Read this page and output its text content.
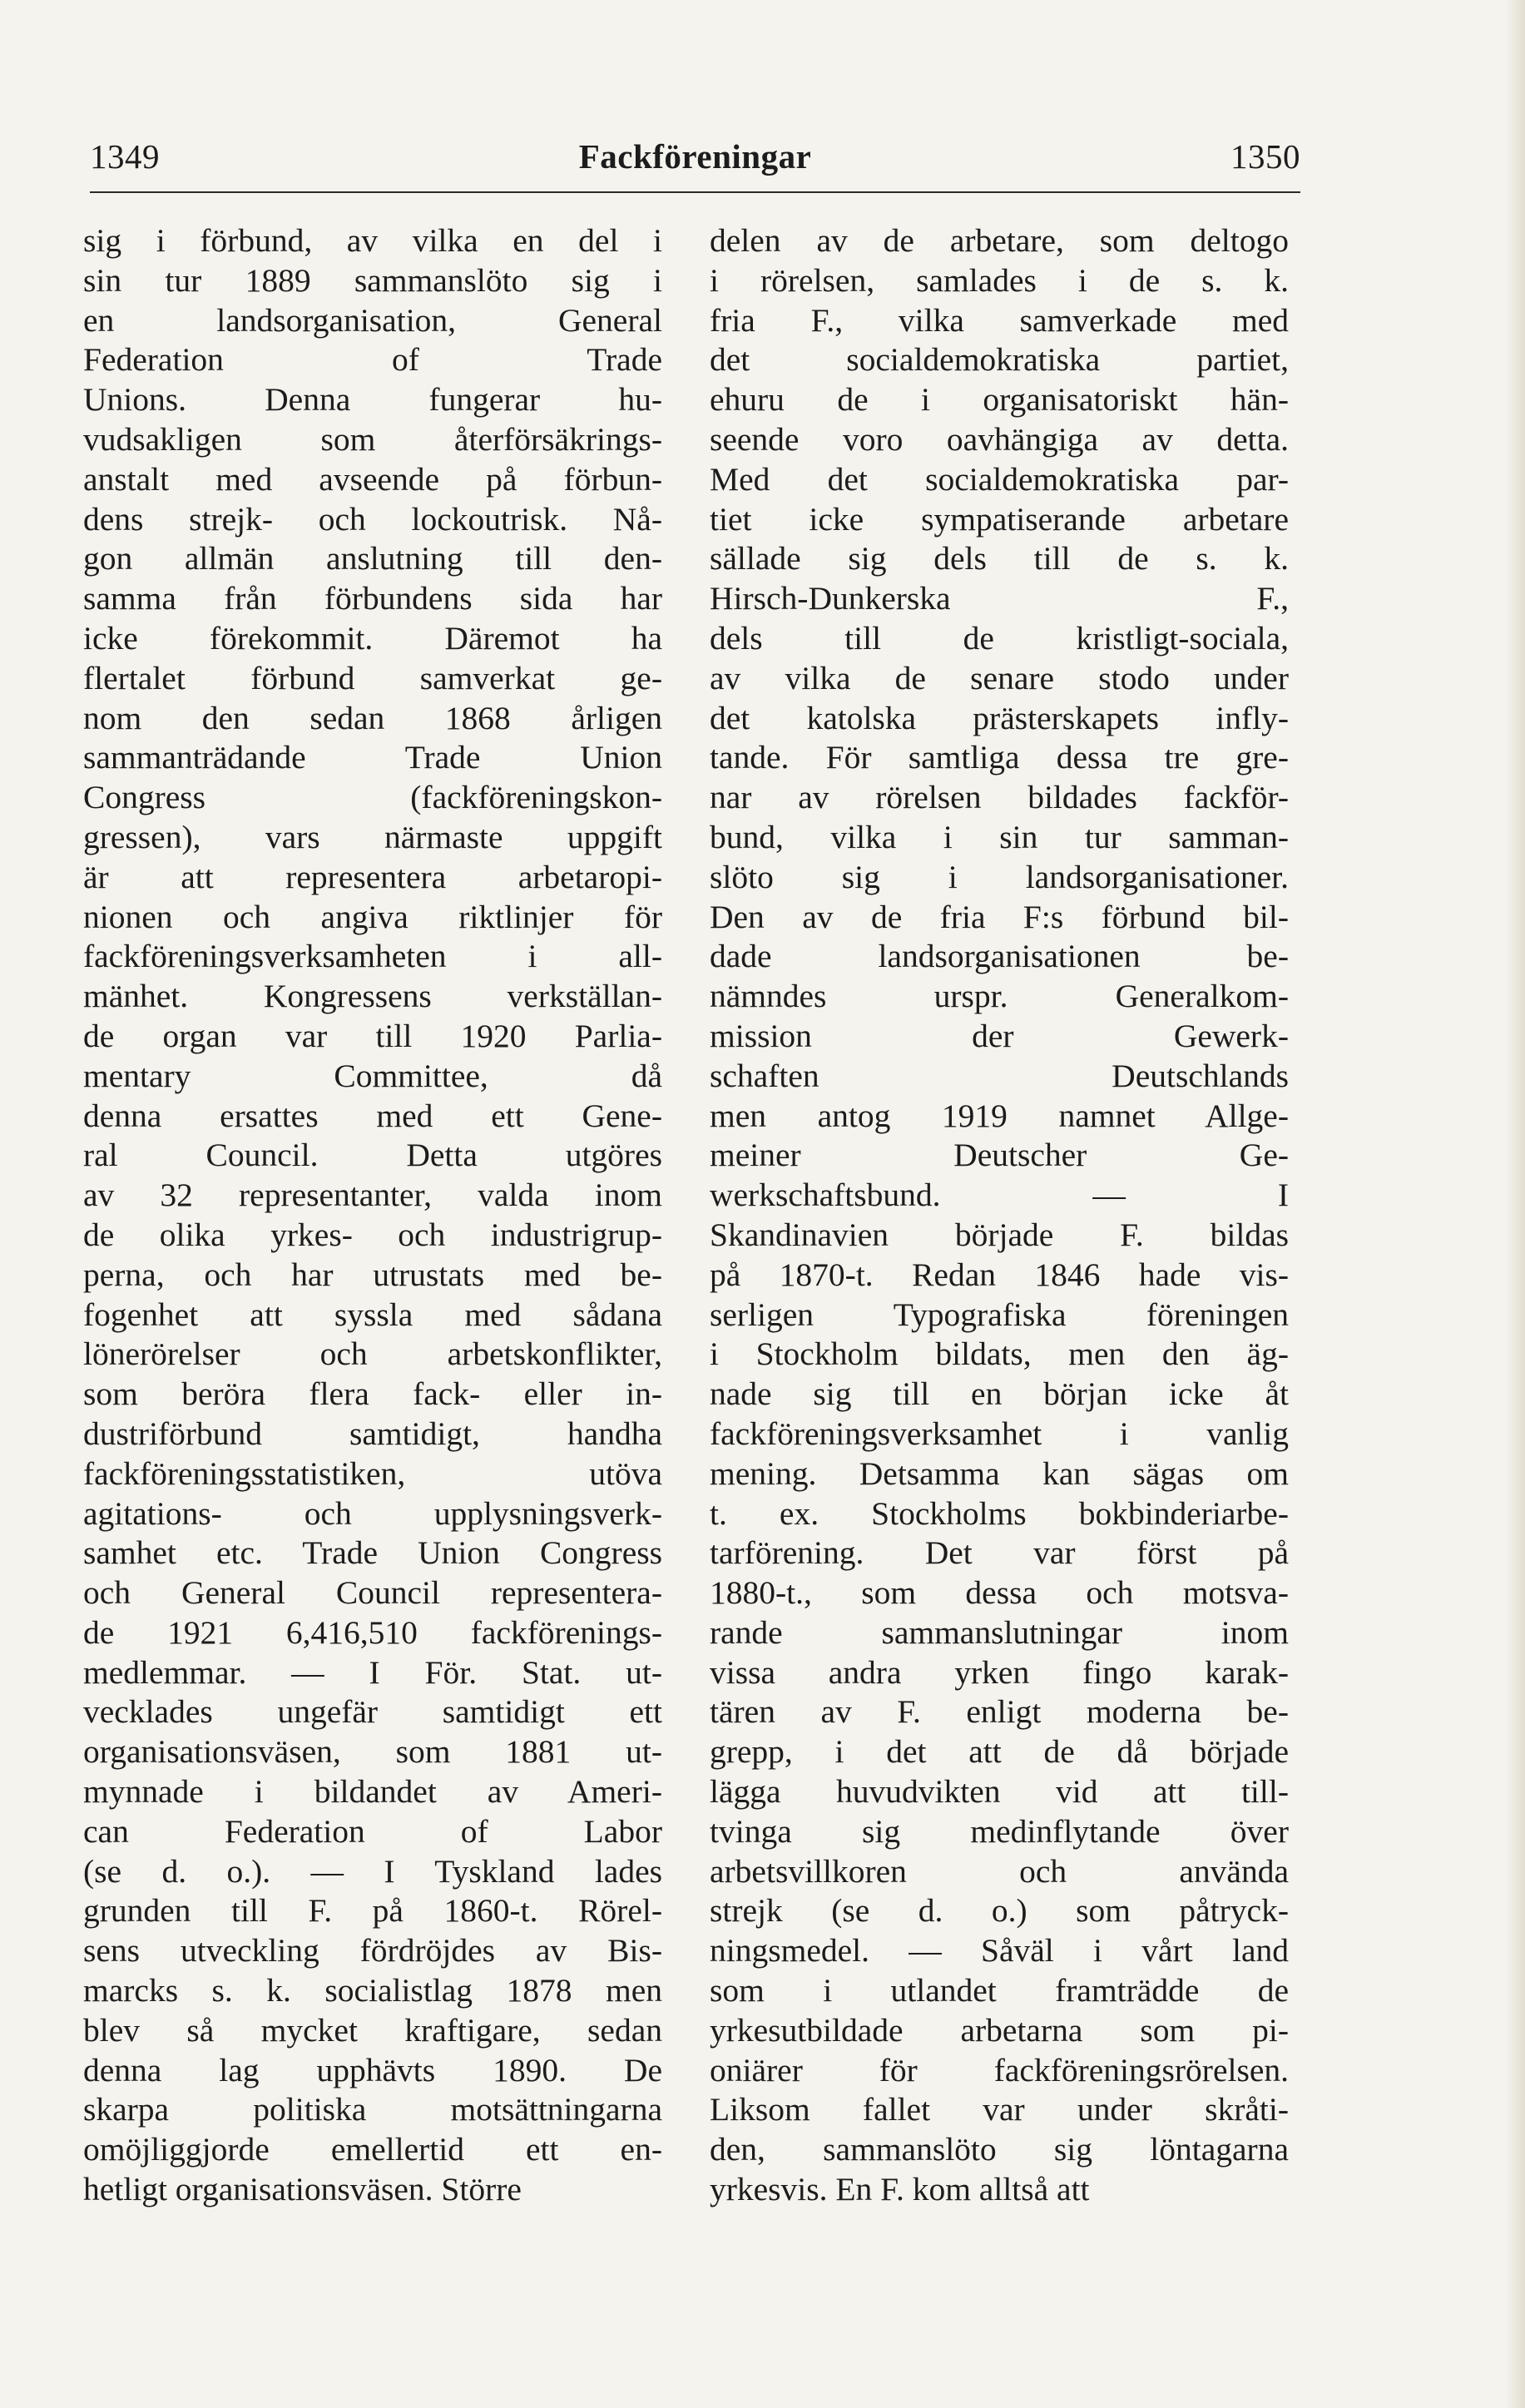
1349	Fackföreningar	1350
sig i förbund, av vilka en del i
sin tur 1889 sammanslöto sig i
en landsorganisation, General
Federation of Trade
Unions. Denna fungerar hu-
vudsakligen som återförsäkrings-
anstalt med avseende på förbun-
dens strejk- och lockoutrisk. Nå-
gon allmän anslutning till den-
samma från förbundens sida har
icke förekommit. Däremot ha
flertalet förbund samverkat ge-
nom den sedan 1868 årligen
sammanträdande Trade Union
Congress (fackföreningskon-
gressen), vars närmaste uppgift
är att representera arbetaropi-
nionen och angiva riktlinjer för
fackföreningsverksamheten i all-
mänhet. Kongressens verkställan-
de organ var till 1920 Parlia-
mentary Committee, då
denna ersattes med ett Gene-
ral Council. Detta utgöres
av 32 representanter, valda inom
de olika yrkes- och industrigrup-
perna, och har utrustats med be-
fogenhet att syssla med sådana
lönerörelser och arbetskonflikter,
som beröra flera fack- eller in-
dustriförbund samtidigt, handha
fackföreningsstatistiken, utöva
agitations- och upplysningsverk-
samhet etc. Trade Union Congress
och General Council representera-
de 1921 6,416,510 fackförenings-
medlemmar. — I För. Stat. ut-
vecklades ungefär samtidigt ett
organisationsväsen, som 1881 ut-
mynnade i bildandet av Ameri-
can Federation of Labor
(se d. o.). — I Tyskland lades
grunden till F. på 1860-t. Rörel-
sens utveckling fördröjdes av Bis-
marcks s. k. socialistlag 1878 men
blev så mycket kraftigare, sedan
denna lag upphävts 1890. De
skarpa politiska motsättningarna
omöjliggjorde emellertid ett en-
hetligt organisationsväsen. Större
delen av de arbetare, som deltogo
i rörelsen, samlades i de s. k.
fria F., vilka samverkade med
det socialdemokratiska partiet,
ehuru de i organisatoriskt hän-
seende voro oavhängiga av detta.
Med det socialdemokratiska par-
tiet icke sympatiserande arbetare
sällade sig dels till de s. k.
Hirsch-Dunkerska F.,
dels till de kristligt-sociala,
av vilka de senare stodo under
det katolska prästerskapets infly-
tande. För samtliga dessa tre gre-
nar av rörelsen bildades fackför-
bund, vilka i sin tur samman-
slöto sig i landsorganisationer.
Den av de fria F:s förbund bil-
dade landsorganisationen be-
nämndes urspr. Generalkom-
mission der Gewerk-
schaften Deutschlands
men antog 1919 namnet Allge-
meiner Deutscher Ge-
werkschaftsbund. — I
Skandinavien började F. bildas
på 1870-t. Redan 1846 hade vis-
serligen Typografiska föreningen
i Stockholm bildats, men den äg-
nade sig till en början icke åt
fackföreningsverksamhet i vanlig
mening. Detsamma kan sägas om
t. ex. Stockholms bokbinderiarbe-
tarförening. Det var först på
1880-t., som dessa och motsva-
rande sammanslutningar inom
vissa andra yrken fingo karak-
tären av F. enligt moderna be-
grepp, i det att de då började
lägga huvudvikten vid att till-
tvinga sig medinflytande över
arbetsvillkoren och använda
strejk (se d. o.) som påtryck-
ningsmedel. — Såväl i vårt land
som i utlandet framträdde de
yrkesutbildade arbetarna som pi-
oniärer för fackföreningsrörelsen.
Liksom fallet var under skråti-
den, sammanslöto sig löntagarna
yrkesvis. En F. kom alltså att
